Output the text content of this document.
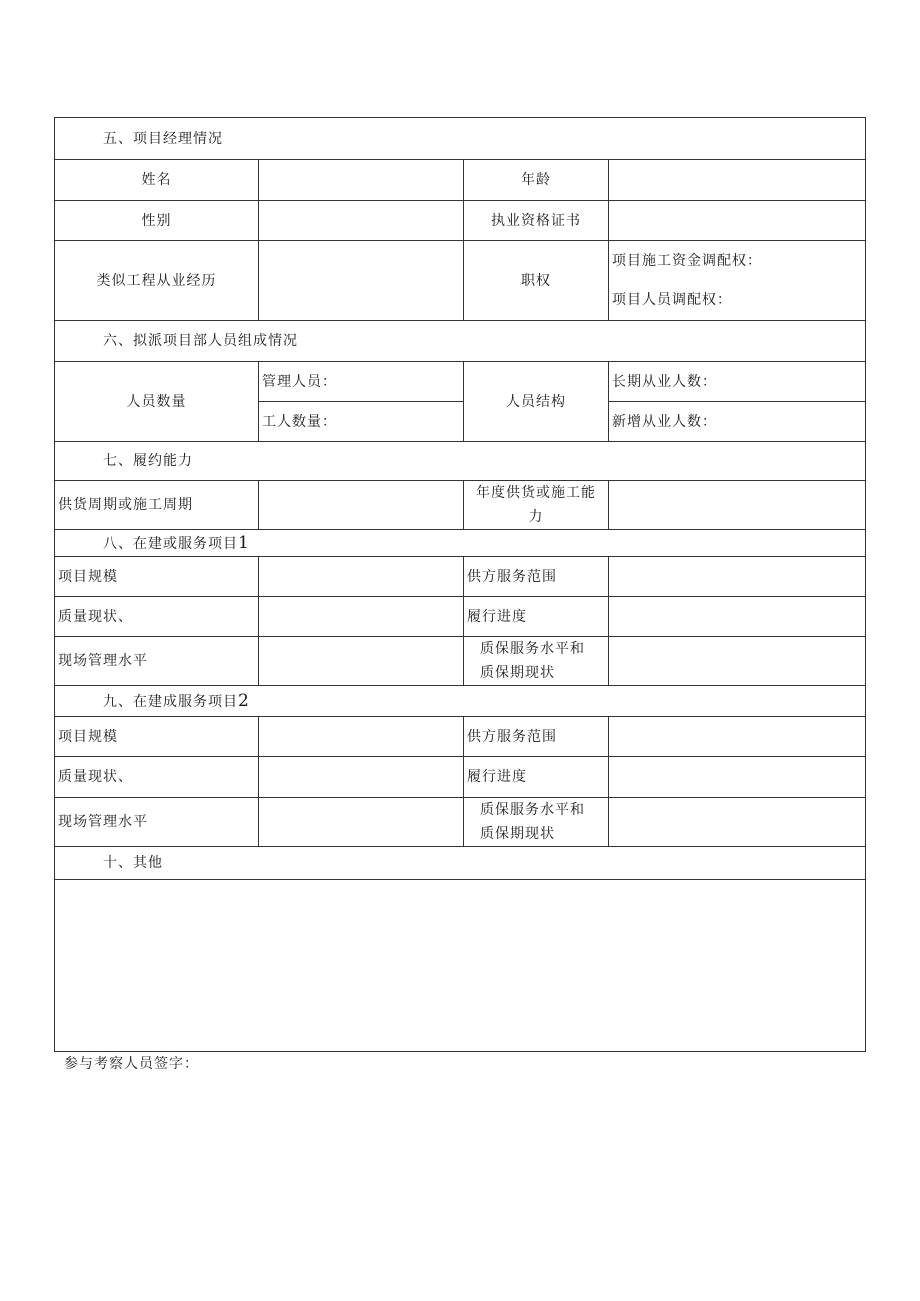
五、项目经理情况			
姓名		年龄	
性别		执业资格证书	
类似工程从业经历		职权	项目施工资金调配权：
			项目人员调配权：
六、拟派项目部人员组成情况			
人员数量	管理人员：	人员结构	长期从业人数：
	工人数量：		新增从业人数：
七、履约能力			
供货周期或施工周期		年度供货或施工能
力	

八、在建或服务项目1			
项目规模		供方服务范围	
质量现状、		履行进度	
现场管理水平		质保服务水平和
质保期现状	

九、在建成服务项目2			
项目规模		供方服务范围	
质量现状、		履行进度	
现场管理水平		质保服务水平和
质保期现状	

十、其他			

参与考察人员签字：
